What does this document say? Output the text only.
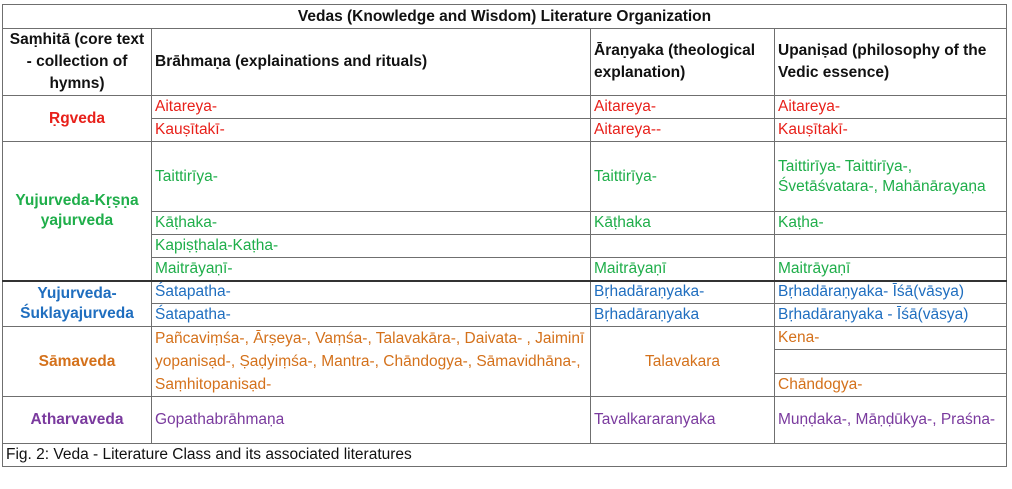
Vedas (Knowledge and Wisdom) Literature Organization			
Saṃhitā (core text - collection of hymns)	Brāhmaṇa (explainations and rituals)	Āraṇyaka (theological explanation)	Upaniṣad (philosophy of the Vedic essence)
Ṛgveda	Aitareya-	Aitareya-	Aitareya-
	Kauṣītakī-	Aitareya--	Kauṣītakī-
Yujurveda-Kṛṣṇa yajurveda	Taittirīya-	Taittirīya-	Taittirīya- Taittirīya-, Śvetāśvatara-, Mahānārayaṇa
	Kāṭhaka-	Kāṭhaka	Kaṭha-
	Kapiṣṭhala-Kaṭha-		
	Maitrāyaṇī-	Maitrāyaṇī	Maitrāyaṇī
Yujurveda- Śuklayajurveda	Śatapatha-	Bṛhadāraṇyaka-	Bṛhadāraṇyaka- Īśā(vāsya)
	Śatapatha-	Bṛhadāraṇyaka	Bṛhadāraṇyaka - Īśā(vāsya)
Sāmaveda	Pañcaviṃśa-, Ārṣeya-, Vaṃśa-, Talavakāra-, Daivata- , Jaiminī yopanisạd-, Ṣaḍyiṃśa-, Mantra-, Chāndogya-, Sāmavidhāna-, Saṃhitopanisạd-	Talavakara	Kena-

			Chāndogya-
Atharvaveda	Gopathabrāhmaṇa	Tavalkararanyaka	Muṇḍaka-, Māṇḍūkya-, Praśna-
Fig. 2: Veda - Literature Class and its associated literatures			
